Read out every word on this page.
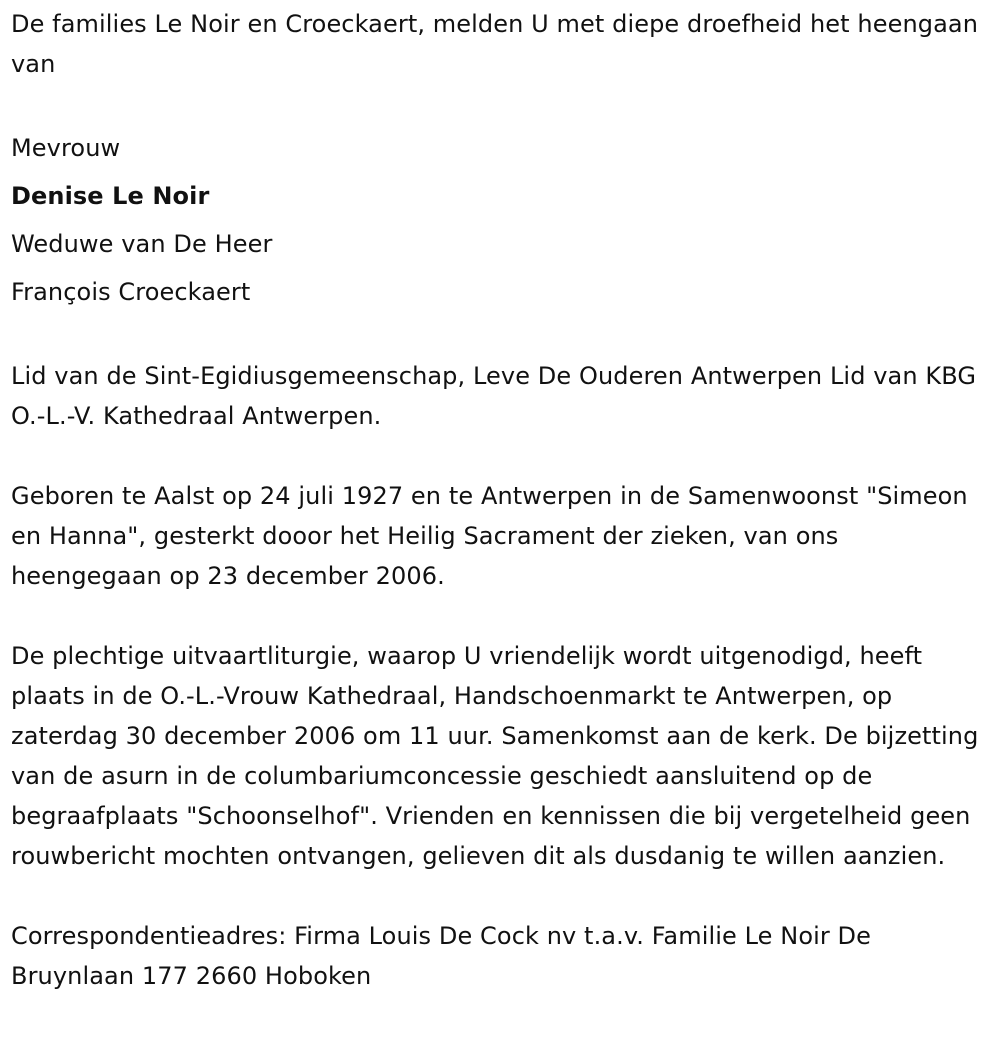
De families Le Noir en Croeckaert, melden U met diepe droefheid het heengaan van

Mevrouw
Denise Le Noir
Weduwe van De Heer
François Croeckaert

Lid van de Sint-Egidiusgemeenschap, Leve De Ouderen Antwerpen Lid van KBG O.-L.-V. Kathedraal Antwerpen.

Geboren te Aalst op 24 juli 1927 en te Antwerpen in de Samenwoonst "Simeon en Hanna", gesterkt dooor het Heilig Sacrament der zieken, van ons heengegaan op 23 december 2006.

De plechtige uitvaartliturgie, waarop U vriendelijk wordt uitgenodigd, heeft plaats in de O.-L.-Vrouw Kathedraal, Handschoenmarkt te Antwerpen, op zaterdag 30 december 2006 om 11 uur. Samenkomst aan de kerk. De bijzetting van de asurn in de columbariumconcessie geschiedt aansluitend op de begraafplaats "Schoonselhof". Vrienden en kennissen die bij vergetelheid geen rouwbericht mochten ontvangen, gelieven dit als dusdanig te willen aanzien.

Correspondentieadres: Firma Louis De Cock nv t.a.v. Familie Le Noir De Bruynlaan 177 2660 Hoboken
